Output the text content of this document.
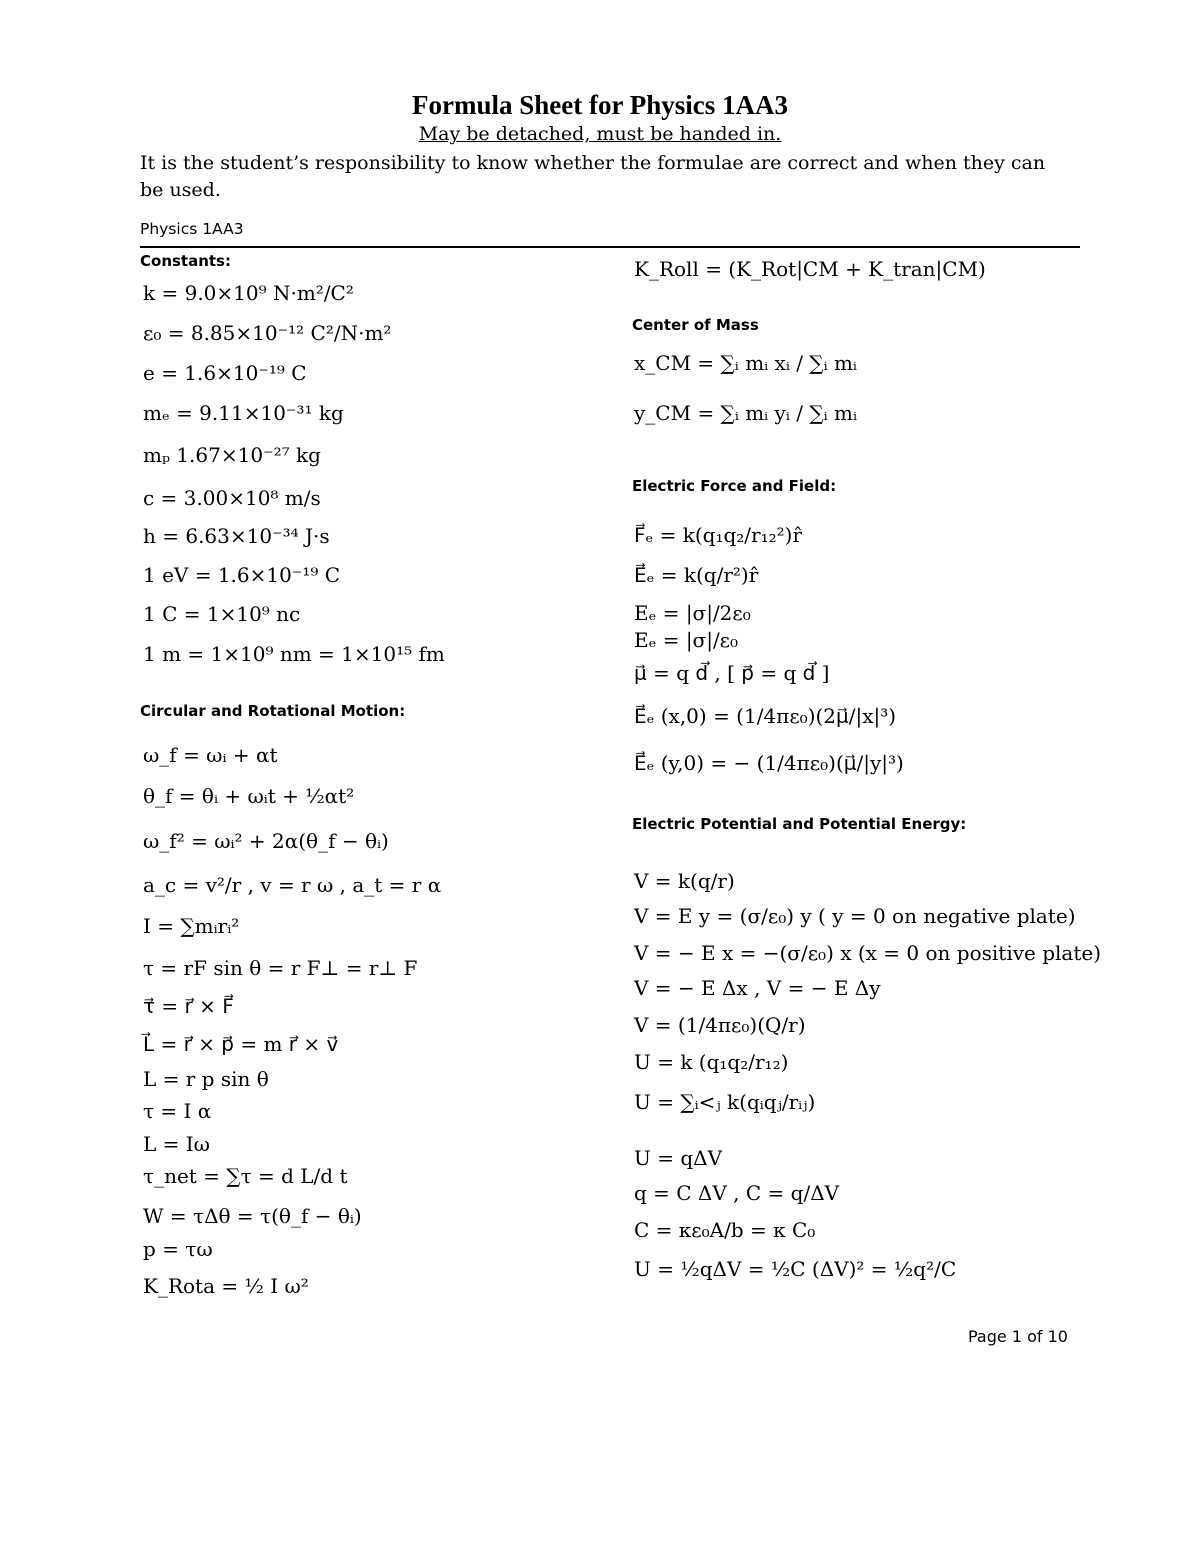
Formula Sheet for Physics 1AA3
May be detached, must be handed in.
It is the student’s responsibility to know whether the formulae are correct and when they can be used.
Physics 1AA3
Constants:
k = 9.0×10⁹ N·m²/C²
ε₀ = 8.85×10⁻¹² C²/N·m²
e = 1.6×10⁻¹⁹ C
mₑ = 9.11×10⁻³¹ kg
mₚ 1.67×10⁻²⁷ kg
c = 3.00×10⁸ m/s
h = 6.63×10⁻³⁴ J·s
1 eV = 1.6×10⁻¹⁹ C
1 C = 1×10⁹ nc
1 m = 1×10⁹ nm = 1×10¹⁵ fm
Circular and Rotational Motion:
ω_f = ωᵢ + αt
θ_f = θᵢ + ωᵢt + ½αt²
ω_f² = ωᵢ² + 2α(θ_f − θᵢ)
a_c = v²/r , v = r ω , a_t = r α
I = ∑mᵢrᵢ²
τ = rF sin θ = r F⊥ = r⊥ F
τ⃗ = r⃗ × F⃗
L⃗ = r⃗ × p⃗ = m r⃗ × v⃗
L = r p sin θ
τ = I α
L = Iω
τ_net = ∑τ = d L/d t
W = τΔθ = τ(θ_f − θᵢ)
p = τω
K_Rota = ½ I ω²
K_Roll = (K_Rot|CM + K_tran|CM)
Center of Mass
x_CM = ∑ᵢ mᵢ xᵢ / ∑ᵢ mᵢ
y_CM = ∑ᵢ mᵢ yᵢ / ∑ᵢ mᵢ
Electric Force and Field:
F⃗ₑ = k(q₁q₂/r₁₂²)r̂
E⃗ₑ = k(q/r²)r̂
Eₑ = |σ|/2ε₀
Eₑ = |σ|/ε₀
μ⃗ = q d⃗ , [ p⃗ = q d⃗ ]
E⃗ₑ (x,0) = (1/4πε₀)(2μ⃗/|x|³)
E⃗ₑ (y,0) = − (1/4πε₀)(μ⃗/|y|³)
Electric Potential and Potential Energy:
V = k(q/r)
V = E y = (σ/ε₀) y ( y = 0 on negative plate)
V = − E x = −(σ/ε₀) x (x = 0 on positive plate)
V = − E Δx , V = − E Δy
V = (1/4πε₀)(Q/r)
U = k (q₁q₂/r₁₂)
U = ∑ᵢ<ⱼ k(qᵢqⱼ/rᵢⱼ)
U = qΔV
q = C ΔV , C = q/ΔV
C = κε₀A/b = κ C₀
U = ½qΔV = ½C (ΔV)² = ½q²/C
Page 1 of 10
